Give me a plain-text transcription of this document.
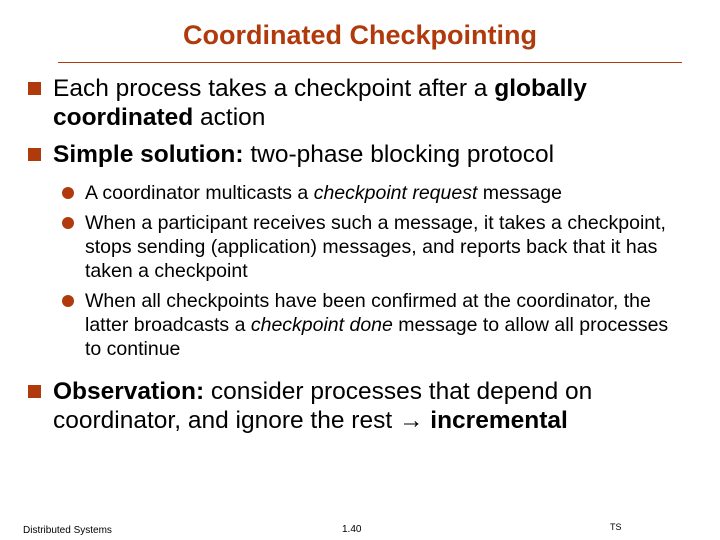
Coordinated Checkpointing
Each process takes a checkpoint after a globally coordinated action
Simple solution: two-phase blocking protocol
A coordinator multicasts a checkpoint request message
When a participant receives such a message, it takes a checkpoint, stops sending (application) messages, and reports back that it has taken a checkpoint
When all checkpoints have been confirmed at the coordinator, the latter broadcasts a checkpoint done message to allow all processes to continue
Observation: consider processes that depend on coordinator, and ignore the rest → incremental
Distributed Systems	1.40	TS
